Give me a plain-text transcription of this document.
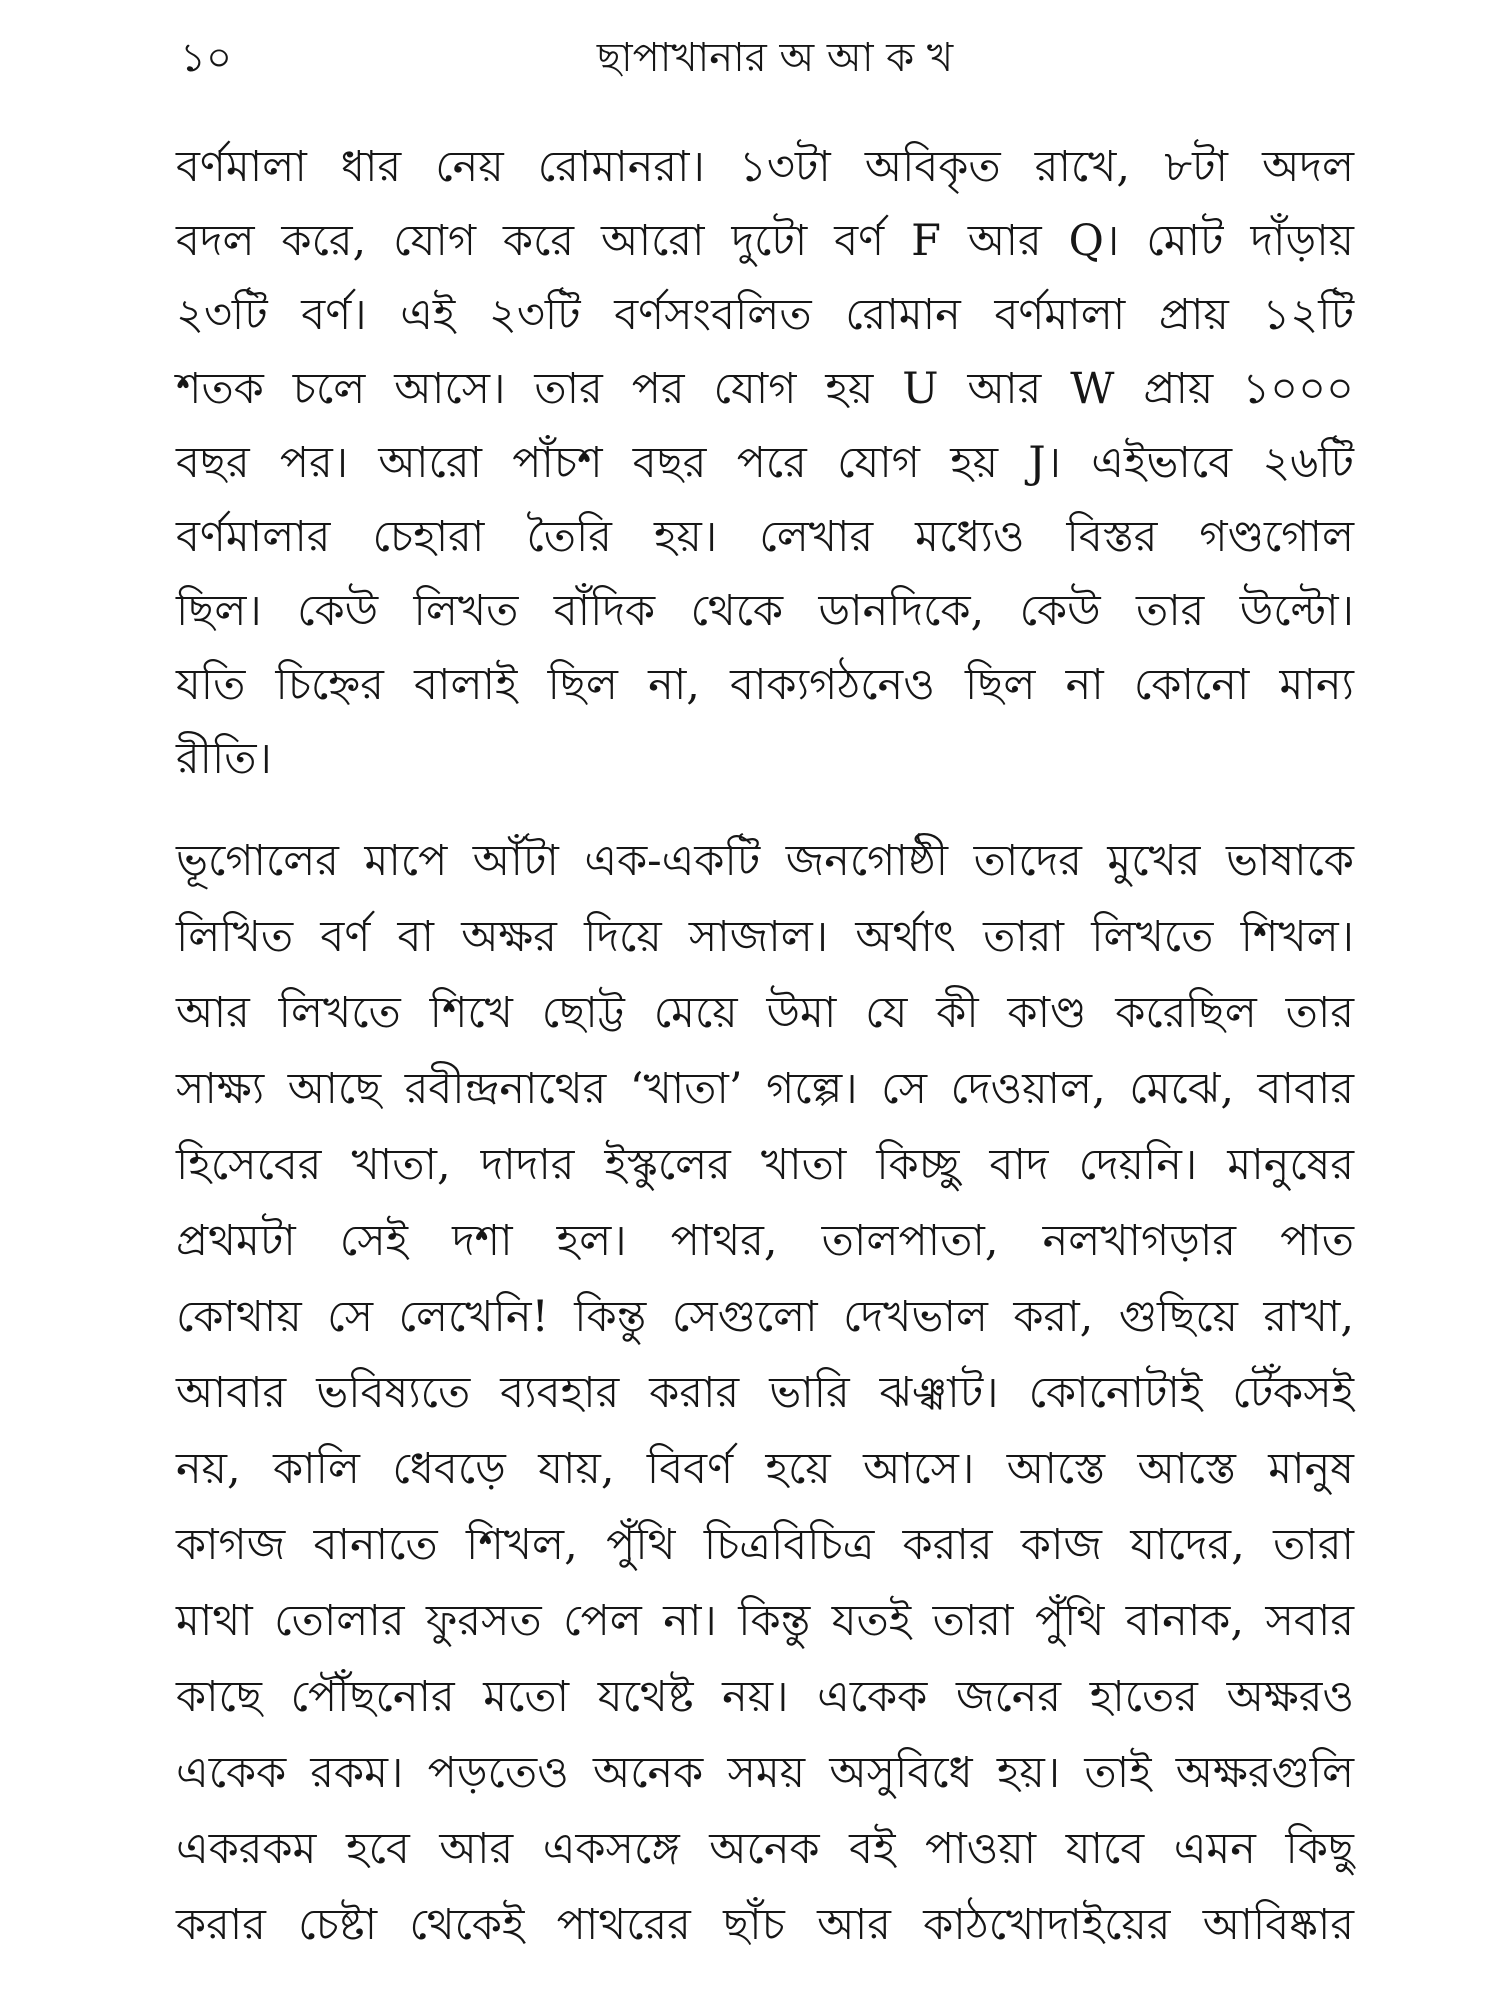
১০	ছাপাখানার অ আ ক খ
বর্ণমালা ধার নেয় রোমানরা। ১৩টা অবিকৃত রাখে, ৮টা অদল
বদল করে, যোগ করে আরো দুটো বর্ণ F আর Q। মোট দাঁড়ায়
২৩টি বর্ণ। এই ২৩টি বর্ণসংবলিত রোমান বর্ণমালা প্রায় ১২টি
শতক চলে আসে। তার পর যোগ হয় U আর W প্রায় ১০০০
বছর পর। আরো পাঁচশ বছর পরে যোগ হয় J। এইভাবে ২৬টি
বর্ণমালার চেহারা তৈরি হয়। লেখার মধ্যেও বিস্তর গণ্ডগোল
ছিল। কেউ লিখত বাঁদিক থেকে ডানদিকে, কেউ তার উল্টো।
যতি চিহ্নের বালাই ছিল না, বাক্যগঠনেও ছিল না কোনো মান্য
রীতি।
ভূগোলের মাপে আঁটা এক-একটি জনগোষ্ঠী তাদের মুখের ভাষাকে
লিখিত বর্ণ বা অক্ষর দিয়ে সাজাল। অর্থাৎ তারা লিখতে শিখল।
আর লিখতে শিখে ছোট্ট মেয়ে উমা যে কী কাণ্ড করেছিল তার
সাক্ষ্য আছে রবীন্দ্রনাথের ‘খাতা’ গল্পে। সে দেওয়াল, মেঝে, বাবার
হিসেবের খাতা, দাদার ইস্কুলের খাতা কিচ্ছু বাদ দেয়নি। মানুষের
প্রথমটা সেই দশা হল। পাথর, তালপাতা, নলখাগড়ার পাত
কোথায় সে লেখেনি! কিন্তু সেগুলো দেখভাল করা, গুছিয়ে রাখা,
আবার ভবিষ্যতে ব্যবহার করার ভারি ঝঞ্ঝাট। কোনোটাই টেঁকসই
নয়, কালি ধেবড়ে যায়, বিবর্ণ হয়ে আসে। আস্তে আস্তে মানুষ
কাগজ বানাতে শিখল, পুঁথি চিত্রবিচিত্র করার কাজ যাদের, তারা
মাথা তোলার ফুরসত পেল না। কিন্তু যতই তারা পুঁথি বানাক, সবার
কাছে পৌঁছনোর মতো যথেষ্ট নয়। একেক জনের হাতের অক্ষরও
একেক রকম। পড়তেও অনেক সময় অসুবিধে হয়। তাই অক্ষরগুলি
একরকম হবে আর একসঙ্গে অনেক বই পাওয়া যাবে এমন কিছু
করার চেষ্টা থেকেই পাথরের ছাঁচ আর কাঠখোদাইয়ের আবিষ্কার
